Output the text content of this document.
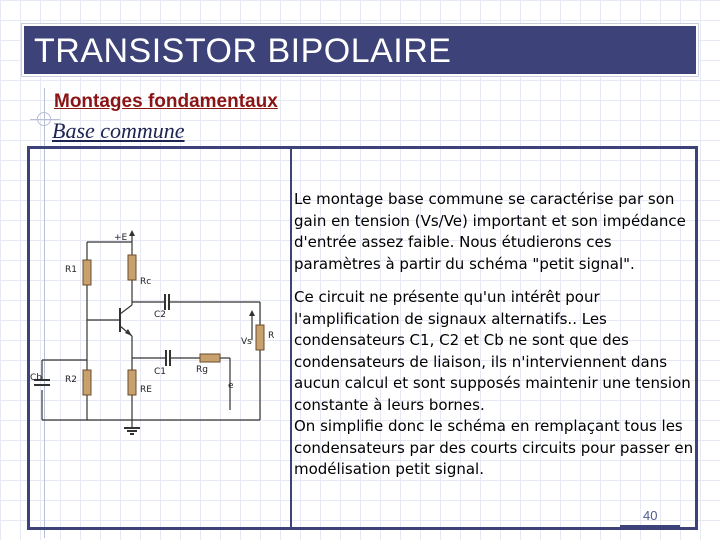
TRANSISTOR BIPOLAIRE
Montages fondamentaux
Base commune
+E
R1
Rc
R2
RE
C2
C1
Cb
Rg
Vs
R
e

Le montage base commune se caractérise par son gain en tension (Vs/Ve) important et son impédance d'entrée assez faible. Nous étudierons ces paramètres à partir du schéma "petit signal".

Ce circuit ne présente qu'un intérêt pour l'amplification de signaux alternatifs.. Les condensateurs C1, C2 et Cb ne sont que des condensateurs de liaison, ils n'interviennent dans aucun calcul et sont supposés maintenir une tension constante à leurs bornes.

On simplifie donc le schéma en remplaçant tous les condensateurs par des courts circuits pour passer en modélisation petit signal.

40
